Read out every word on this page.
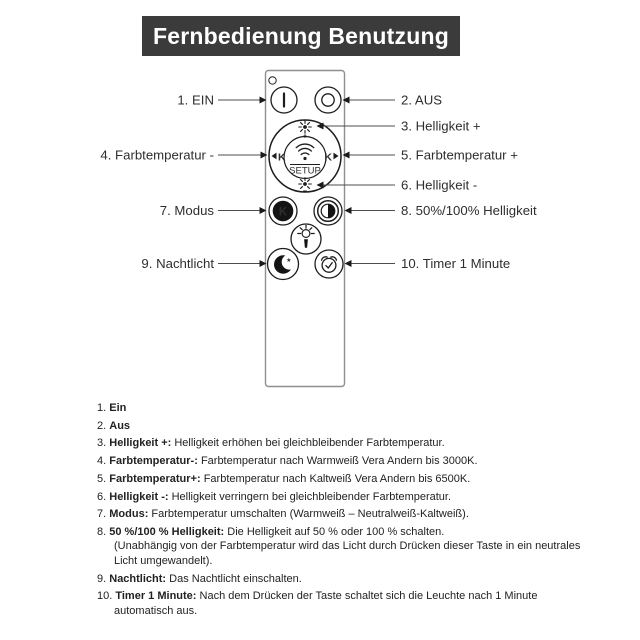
Fernbedienung Benutzung
SETUP
K	K
K
★
1. EIN
4. Farbtemperatur -
7. Modus
9. Nachtlicht
2. AUS
3. Helligkeit +
5. Farbtemperatur +
6. Helligkeit -
8. 50%/100% Helligkeit
10. Timer 1 Minute
1. Ein
2. Aus
3. Helligkeit +: Helligkeit erhöhen bei gleichbleibender Farbtemperatur.
4. Farbtemperatur-: Farbtemperatur nach Warmweiß Vera Andern bis 3000K.
5. Farbtemperatur+: Farbtemperatur nach Kaltweiß Vera Andern bis 6500K.
6. Helligkeit -: Helligkeit verringern bei gleichbleibender Farbtemperatur.
7. Modus: Farbtemperatur umschalten (Warmweiß – Neutralweiß-Kaltweiß).
8. 50 %/100 % Helligkeit: Die Helligkeit auf 50 % oder 100 % schalten.
(Unabhängig von der Farbtemperatur wird das Licht durch Drücken dieser Taste in ein neutrales Licht umgewandelt).
9. Nachtlicht: Das Nachtlicht einschalten.
10. Timer 1 Minute: Nach dem Drücken der Taste schaltet sich die Leuchte nach 1 Minute automatisch aus.
